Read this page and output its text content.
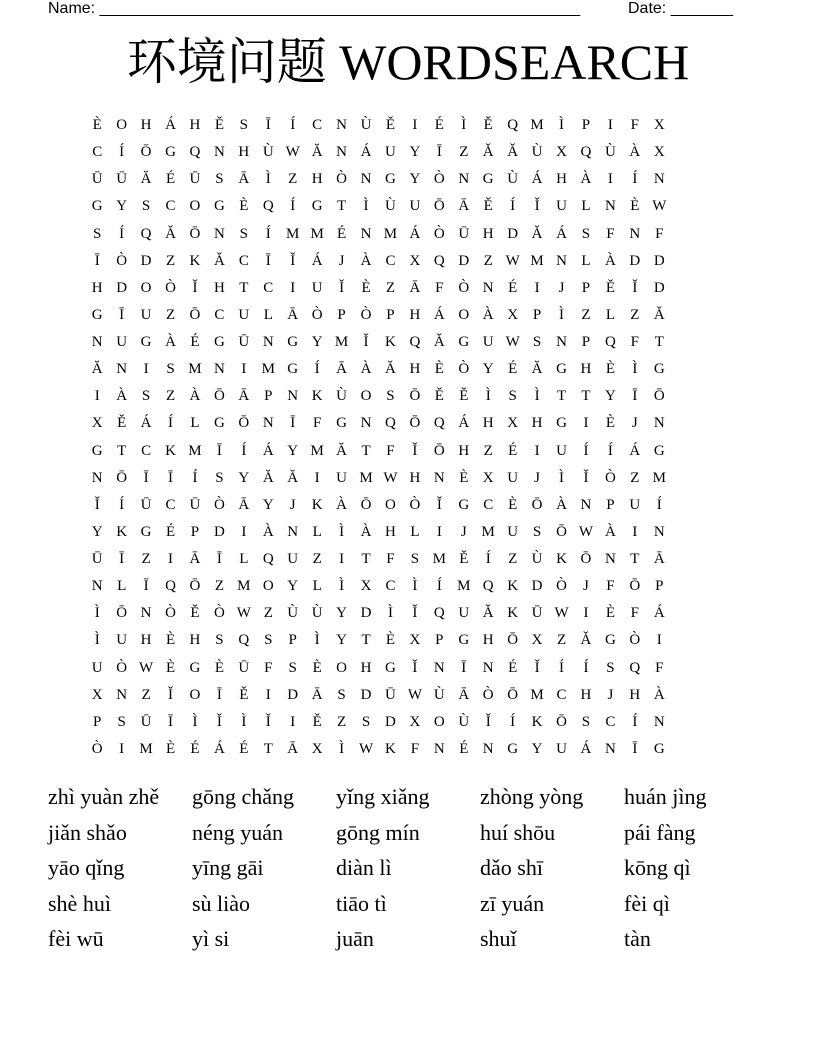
Name: ______________________________________________________	Date: _______
环境问题 WORDSEARCH
È O H Á H Ě	S	Ī	Í	C N Ù Ě	I	É	Ì	Ě Q M	Ì	P	I	F X
C	Í	Ō G Q N H Ù W Ă N Á U Y	Ī	Z Ǎ Ǎ Ù X Q Ù À X
Ū Ū Ă É Ū S Ā	Ì	Z H Ò N G Y Ò N G Ù Á H À	I	Í	N
G Y S	C O G È Q	Í	G T	Ì	Ù U Ō Ā Ě	Í	Ǐ	U L N È W
S	Í	Q Ǎ Ō N S	Í	M M É N M Á Ò Ū H D Ǎ Á S	F N F
Ī	Ò D Z K Ǎ C	Ī	Ǐ	Á	J	À C X Q D Z W M N L À D D
H D O Ò	Ǐ	H T C	I	U	Ǐ	È	Z Ā F Ò N É	I	J	P	Ě	Ǐ	D
G	Ī	U Z Ō C U L Ā Ò P Ò P H Á O À X P	Ì	Z	L	Z Ǎ
N U G À É G Ū N G Y M	Ǐ	K Q Ǎ G U W S N P Q F	T
Ă N	I	S M N	I	M G	Í	Ā À Ă H È Ò Y É Ă G H È	Ì	G
I	À S	Z À Ō Ā P N K Ù O S Ō Ě	Ě	Ì	S	Ì	T	T Y	Ī	Ō
X Ě Á	Í	L G Ō N	Ī	F G N Q Ō Q Á H X H G	I	È	J	N
G T C K M	Ī	Í	Á Y M Ă T	F	Ǐ	Ō H Z	É	I	U	Í	Í	Á G
N Ō	Ī	Ī	Í	S Y Ă Ă	I	U M W H N È X U	J	Ì	Ǐ	Ò Z M
Ǐ	Í	Ū C Ū Ò Ā Y	J	K À Ō O Ò	Ǐ	G C È Ō À N P U	Í
Y K G É	P D	I	À N L	Ì	À H L	I	J M U S Ō W À	I	N
Ū	Ī	Z	I	Ā	Ī	L Q U Z	I	T	F	S M Ě	Í	Z Ù K Ō N T Ā
N L	Ī	Q Ō Z M O Y L	Ì	X C	Ì	Í	M Q K D Ò	J	F Ō P
Ì	Ō N Ò Ě Ò W Z Ù Ù Y D	Ì	Ǐ	Q U Ǎ K Ū W I	È	F Á
Ì	U H È H S Q S	P	Ì	Y T	È X P G H Ō X Z Ǎ G Ò	I
U Ò W È G È Ū F	S	È O H G	Ǐ	N	Ī	N É	Ǐ	Í	Í	S Q F
X N Z	Ǐ	O	Ī	Ě	I	D Ā S D Ū W Ù Ā Ò Ō M C H	J	H À
P	S Ū	Ī	Ì	Ǐ	Ì	Ǐ	I	Ě	Z	S D X O Ù	Ǐ	Í	K Ō S	C	Í	N
Ò	I	M È	É Á É	T Ā X	Ì W K F N É N G Y U Á N	Ī	G
zhì yuàn zhě	gōng chǎng	yǐng xiǎng	zhòng yòng	huán jìng
jiǎn shǎo	néng yuán	gōng mín	huí shōu	pái fàng
yāo qǐng	yīng gāi	diàn lì	dǎo shī	kōng qì
shè huì	sù liào	tiāo tì	zī yuán	fèi qì
fèi wū	yì si	juān	shuǐ	tàn
